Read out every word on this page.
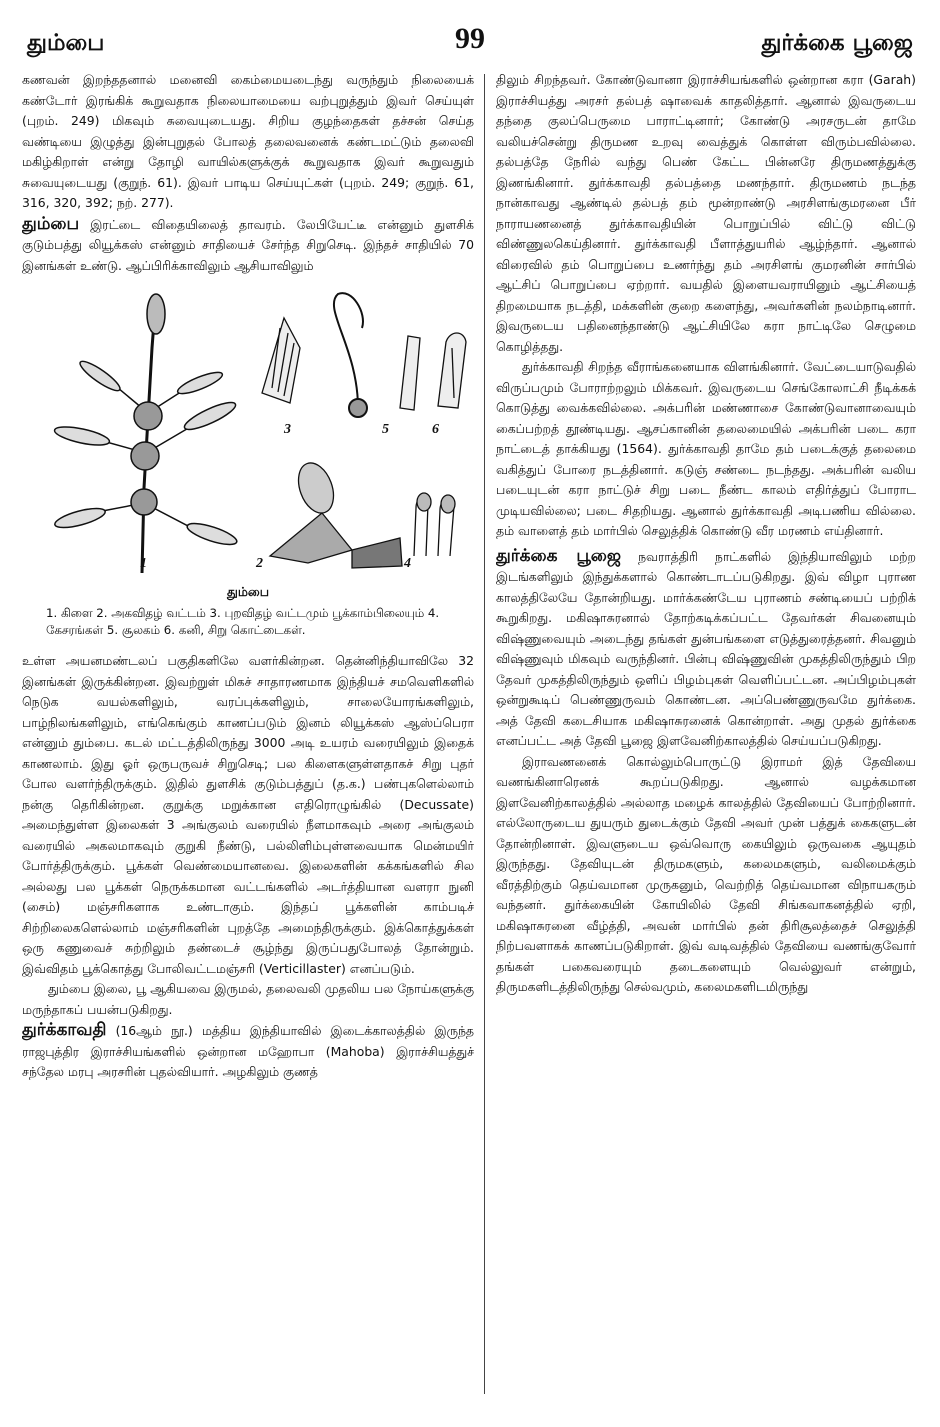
தும்பை	99	துர்க்கை பூஜை

கணவன் இறந்ததனால் மனைவி கைம்மையடைந்து வருந்தும் நிலையைக் கண்டோர் இரங்கிக் கூறுவதாக நிலையாமையை வற்புறுத்தும் இவர் செய்யுள் (புறம். 249) மிகவும் சுவையுடையது. சிறிய குழந்தைகள் தச்சன் செய்த வண்டியை இழுத்து இன்புறுதல் போலத் தலைவனைக் கண்டமட்டும் தலைவி மகிழ்கிறாள் என்று தோழி வாயில்களுக்குக் கூறுவதாக இவர் கூறுவதும் சுவையுடையது (குறுந். 61). இவர் பாடிய செய்யுட்கள் (புறம். 249; குறுந். 61, 316, 320, 392; நற். 277).

தும்பை இரட்டை விதையிலைத் தாவரம். லேபியேட்டீ என்னும் துளசிக் குடும்பத்து லியூக்கஸ் என்னும் சாதியைச் சேர்ந்த சிறுசெடி. இந்தச் சாதியில் 70 இனங்கள் உண்டு. ஆப்பிரிக்காவிலும் ஆசியாவிலும்

1	2
3
4
5	6
தும்பை
1. கிளை 2. அகவிதழ் வட்டம் 3. புறவிதழ் வட்டமும் பூக்காம்பிலையும் 4. கேசரங்கள் 5. சூலகம் 6. கனி, சிறு கொட்டைகள்.

உள்ள அயனமண்டலப் பகுதிகளிலே வளர்கின்றன. தென்னிந்தியாவிலே 32 இனங்கள் இருக்கின்றன. இவற்றுள் மிகச் சாதாரணமாக இந்தியச் சமவெளிகளில் நெடுக வயல்களிலும், வரப்புக்களிலும், சாலையோரங்களிலும், பாழ்நிலங்களிலும், எங்கெங்கும் காணப்படும் இனம் லியூக்கஸ் ஆஸ்ப்பெரா என்னும் தும்பை. கடல் மட்டத்திலிருந்து 3000 அடி உயரம் வரையிலும் இதைக் காணலாம். இது ஓர் ஒருபருவச் சிறுசெடி; பல கிளைகளுள்ளதாகச் சிறு புதர் போல வளர்ந்திருக்கும். இதில் துளசிக் குடும்பத்துப் (த.க.) பண்புகளெல்லாம் நன்கு தெரிகின்றன. குறுக்கு மறுக்கான எதிரொழுங்கில் (Decussate) அமைந்துள்ள இலைகள் 3 அங்குலம் வரையில் நீளமாகவும் அரை அங்குலம் வரையில் அகலமாகவும் குறுகி நீண்டு, பல்லிளிம்புள்ளவையாக மென்மயிர் போர்த்திருக்கும். பூக்கள் வெண்மையானவை. இலைகளின் கக்கங்களில் சில அல்லது பல பூக்கள் நெருக்கமான வட்டங்களில் அடர்த்தியான வளரா நுனி (சைம்) மஞ்சரிகளாக உண்டாகும். இந்தப் பூக்களின் காம்படிச் சிற்றிலைகளெல்லாம் மஞ்சரிகளின் புறத்தே அமைந்திருக்கும். இக்கொத்துக்கள் ஒரு கணுவைச் சுற்றிலும் தண்டைச் சூழ்ந்து இருப்பதுபோலத் தோன்றும். இவ்விதம் பூக்கொத்து போலிவட்டமஞ்சரி (Verticillaster) எனப்படும்.

தும்பை இலை, பூ ஆகியவை இருமல், தலைவலி முதலிய பல நோய்களுக்கு மருந்தாகப் பயன்படுகிறது.

துர்க்காவதி (16ஆம் நூ.) மத்திய இந்தியாவில் இடைக்காலத்தில் இருந்த ராஜபுத்திர இராச்சியங்களில் ஒன்றான மஹோபா (Mahoba) இராச்சியத்துச் சந்தேல மரபு அரசரின் புதல்வியார். அழகிலும் குணத்

திலும் சிறந்தவர். கோண்டுவானா இராச்சியங்களில் ஒன்றான கரா (Garah) இராச்சியத்து அரசர் தல்பத் ஷாவைக் காதலித்தார். ஆனால் இவருடைய தந்தை குலப்பெருமை பாராட்டினார்; கோண்டு அரசருடன் தாமே வலியச்சென்று திருமண உறவு வைத்துக் கொள்ள விரும்பவில்லை. தல்பத்தே நேரில் வந்து பெண் கேட்ட பின்னரே திருமணத்துக்கு இணங்கினார். துர்க்காவதி தல்பத்தை மணந்தார். திருமணம் நடந்த நான்காவது ஆண்டில் தல்பத் தம் மூன்றாண்டு அரசிளங்குமரனை பீர் நாராயணனைத் துர்க்காவதியின் பொறுப்பில் விட்டு விட்டு விண்ணுலகெய்தினார். துர்க்காவதி பீளாத்துயரில் ஆழ்ந்தார். ஆனால் விரைவில் தம் பொறுப்பை உணர்ந்து தம் அரசிளங் குமரனின் சார்பில் ஆட்சிப் பொறுப்பை ஏற்றார். வயதில் இளையவராயினும் ஆட்சியைத் திறமையாக நடத்தி, மக்களின் குறை களைந்து, அவர்களின் நலம்நாடினார். இவருடைய பதினைந்தாண்டு ஆட்சியிலே கரா நாட்டிலே செழுமை கொழித்தது.

துர்க்காவதி சிறந்த வீராங்கனையாக விளங்கினார். வேட்டையாடுவதில் விருப்பமும் போராற்றலும் மிக்கவர். இவருடைய செங்கோலாட்சி நீடிக்கக் கொடுத்து வைக்கவில்லை. அக்பரின் மண்ணாசை கோண்டுவானாவையும் கைப்பற்றத் தூண்டியது. ஆசப்கானின் தலைமையில் அக்பரின் படை கரா நாட்டைத் தாக்கியது (1564). துர்க்காவதி தாமே தம் படைக்குத் தலைமை வகித்துப் போரை நடத்தினார். கடுஞ் சண்டை நடந்தது. அக்பரின் வலிய படையுடன் கரா நாட்டுச் சிறு படை நீண்ட காலம் எதிர்த்துப் போராட முடியவில்லை; படை சிதறியது. ஆனால் துர்க்காவதி அடிபணிய வில்லை. தம் வாளைத் தம் மார்பில் செலுத்திக் கொண்டு வீர மரணம் எய்தினார்.

துர்க்கை பூஜை நவராத்திரி நாட்களில் இந்தியாவிலும் மற்ற இடங்களிலும் இந்துக்களால் கொண்டாடப்படுகிறது. இவ் விழா புராண காலத்திலேயே தோன்றியது. மார்க்கண்டேய புராணம் சண்டியைப் பற்றிக் கூறுகிறது. மகிஷாசுரனால் தோற்கடிக்கப்பட்ட தேவர்கள் சிவனையும் விஷ்ணுவையும் அடைந்து தங்கள் துன்பங்களை எடுத்துரைத்தனர். சிவனும் விஷ்ணுவும் மிகவும் வருந்தினர். பின்பு விஷ்ணுவின் முகத்திலிருந்தும் பிற தேவர் முகத்திலிருந்தும் ஒளிப் பிழம்புகள் வெளிப்பட்டன. அப்பிழம்புகள் ஒன்றுகூடிப் பெண்ணுருவம் கொண்டன. அப்பெண்ணுருவமே துர்க்கை. அத் தேவி கடைசியாக மகிஷாசுரனைக் கொன்றாள். அது முதல் துர்க்கை எனப்பட்ட அத் தேவி பூஜை இளவேனிற்காலத்தில் செய்யப்படுகிறது.

இராவணனைக் கொல்லும்பொருட்டு இராமர் இத் தேவியை வணங்கினாரெனக் கூறப்படுகிறது. ஆனால் வழக்கமான இளவேனிற்காலத்தில் அல்லாத மழைக் காலத்தில் தேவியைப் போற்றினார். எல்லோருடைய துயரும் துடைக்கும் தேவி அவர் முன் பத்துக் கைகளுடன் தோன்றினாள். இவளுடைய ஒவ்வொரு கையிலும் ஒருவகை ஆயுதம் இருந்தது. தேவியுடன் திருமகளும், கலைமகளும், வலிமைக்கும் வீரத்திற்கும் தெய்வமான முருகனும், வெற்றித் தெய்வமான விநாயகரும் வந்தனர். துர்க்கையின் கோயிலில் தேவி சிங்கவாகனத்தில் ஏறி, மகிஷாசுரனை வீழ்த்தி, அவன் மார்பில் தன் திரிசூலத்தைச் செலுத்தி நிற்பவளாகக் காணப்படுகிறாள். இவ் வடிவத்தில் தேவியை வணங்குவோர் தங்கள் பகைவரையும் தடைகளையும் வெல்லுவர் என்றும், திருமகளிடத்திலிருந்து செல்வமும், கலைமகளிடமிருந்து
